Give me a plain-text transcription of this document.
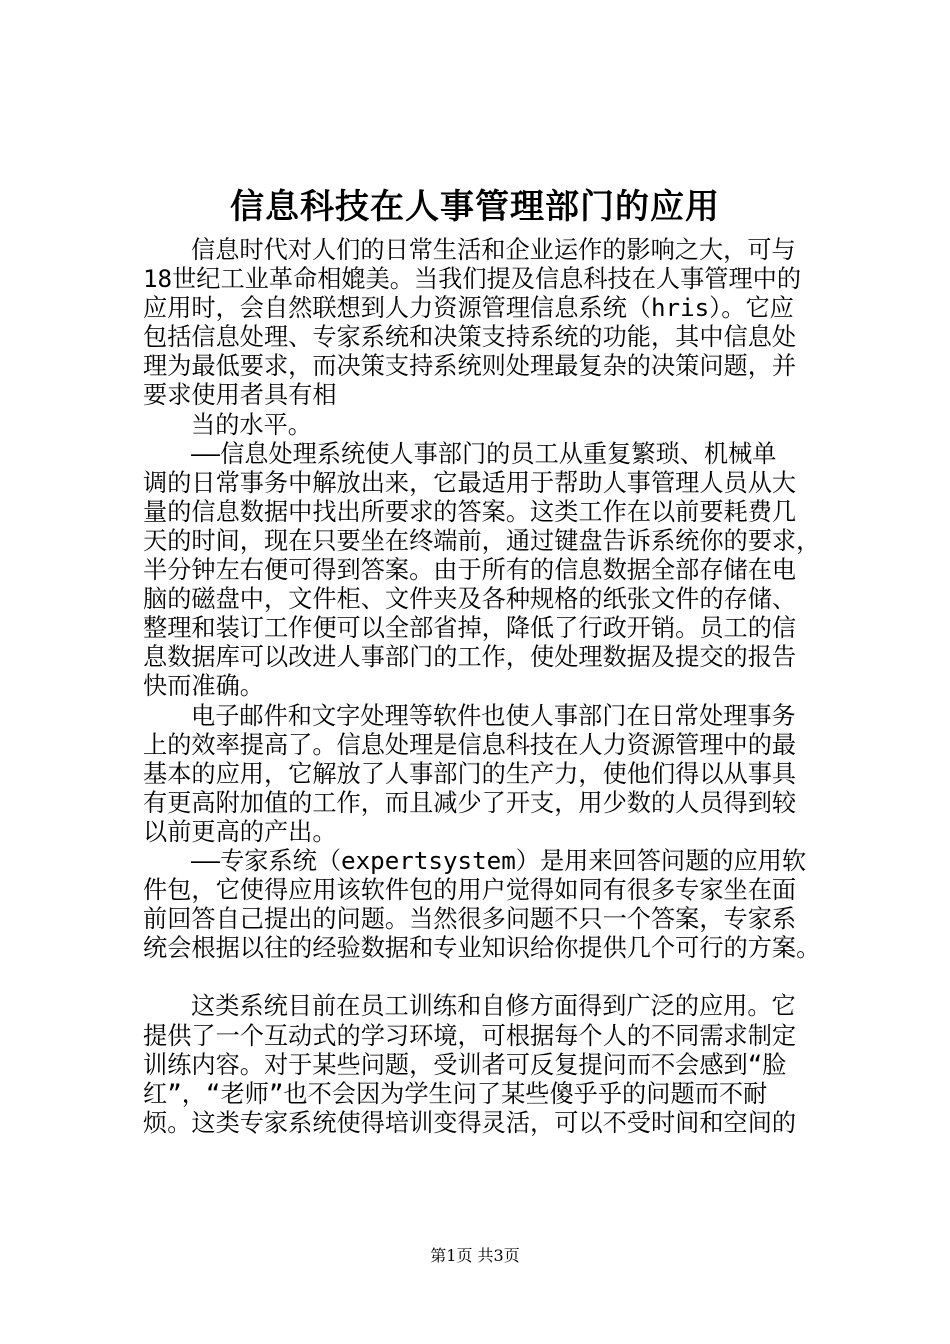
信息科技在人事管理部门的应用
信息时代对人们的日常生活和企业运作的影响之大，可与
18世纪工业革命相媲美。当我们提及信息科技在人事管理中的
应用时，会自然联想到人力资源管理信息系统（hris）。它应
包括信息处理、专家系统和决策支持系统的功能，其中信息处
理为最低要求，而决策支持系统则处理最复杂的决策问题，并
要求使用者具有相
当的水平。
——信息处理系统使人事部门的员工从重复繁琐、机械单
调的日常事务中解放出来，它最适用于帮助人事管理人员从大
量的信息数据中找出所要求的答案。这类工作在以前要耗费几
天的时间，现在只要坐在终端前，通过键盘告诉系统你的要求，
半分钟左右便可得到答案。由于所有的信息数据全部存储在电
脑的磁盘中，文件柜、文件夹及各种规格的纸张文件的存储、
整理和装订工作便可以全部省掉，降低了行政开销。员工的信
息数据库可以改进人事部门的工作，使处理数据及提交的报告
快而准确。
电子邮件和文字处理等软件也使人事部门在日常处理事务
上的效率提高了。信息处理是信息科技在人力资源管理中的最
基本的应用，它解放了人事部门的生产力，使他们得以从事具
有更高附加值的工作，而且减少了开支，用少数的人员得到较
以前更高的产出。
——专家系统（expertsystem）是用来回答问题的应用软
件包，它使得应用该软件包的用户觉得如同有很多专家坐在面
前回答自己提出的问题。当然很多问题不只一个答案，专家系
统会根据以往的经验数据和专业知识给你提供几个可行的方案。
这类系统目前在员工训练和自修方面得到广泛的应用。它
提供了一个互动式的学习环境，可根据每个人的不同需求制定
训练内容。对于某些问题，受训者可反复提问而不会感到“脸
红”，“老师”也不会因为学生问了某些傻乎乎的问题而不耐
烦。这类专家系统使得培训变得灵活，可以不受时间和空间的
第1页 共3页
